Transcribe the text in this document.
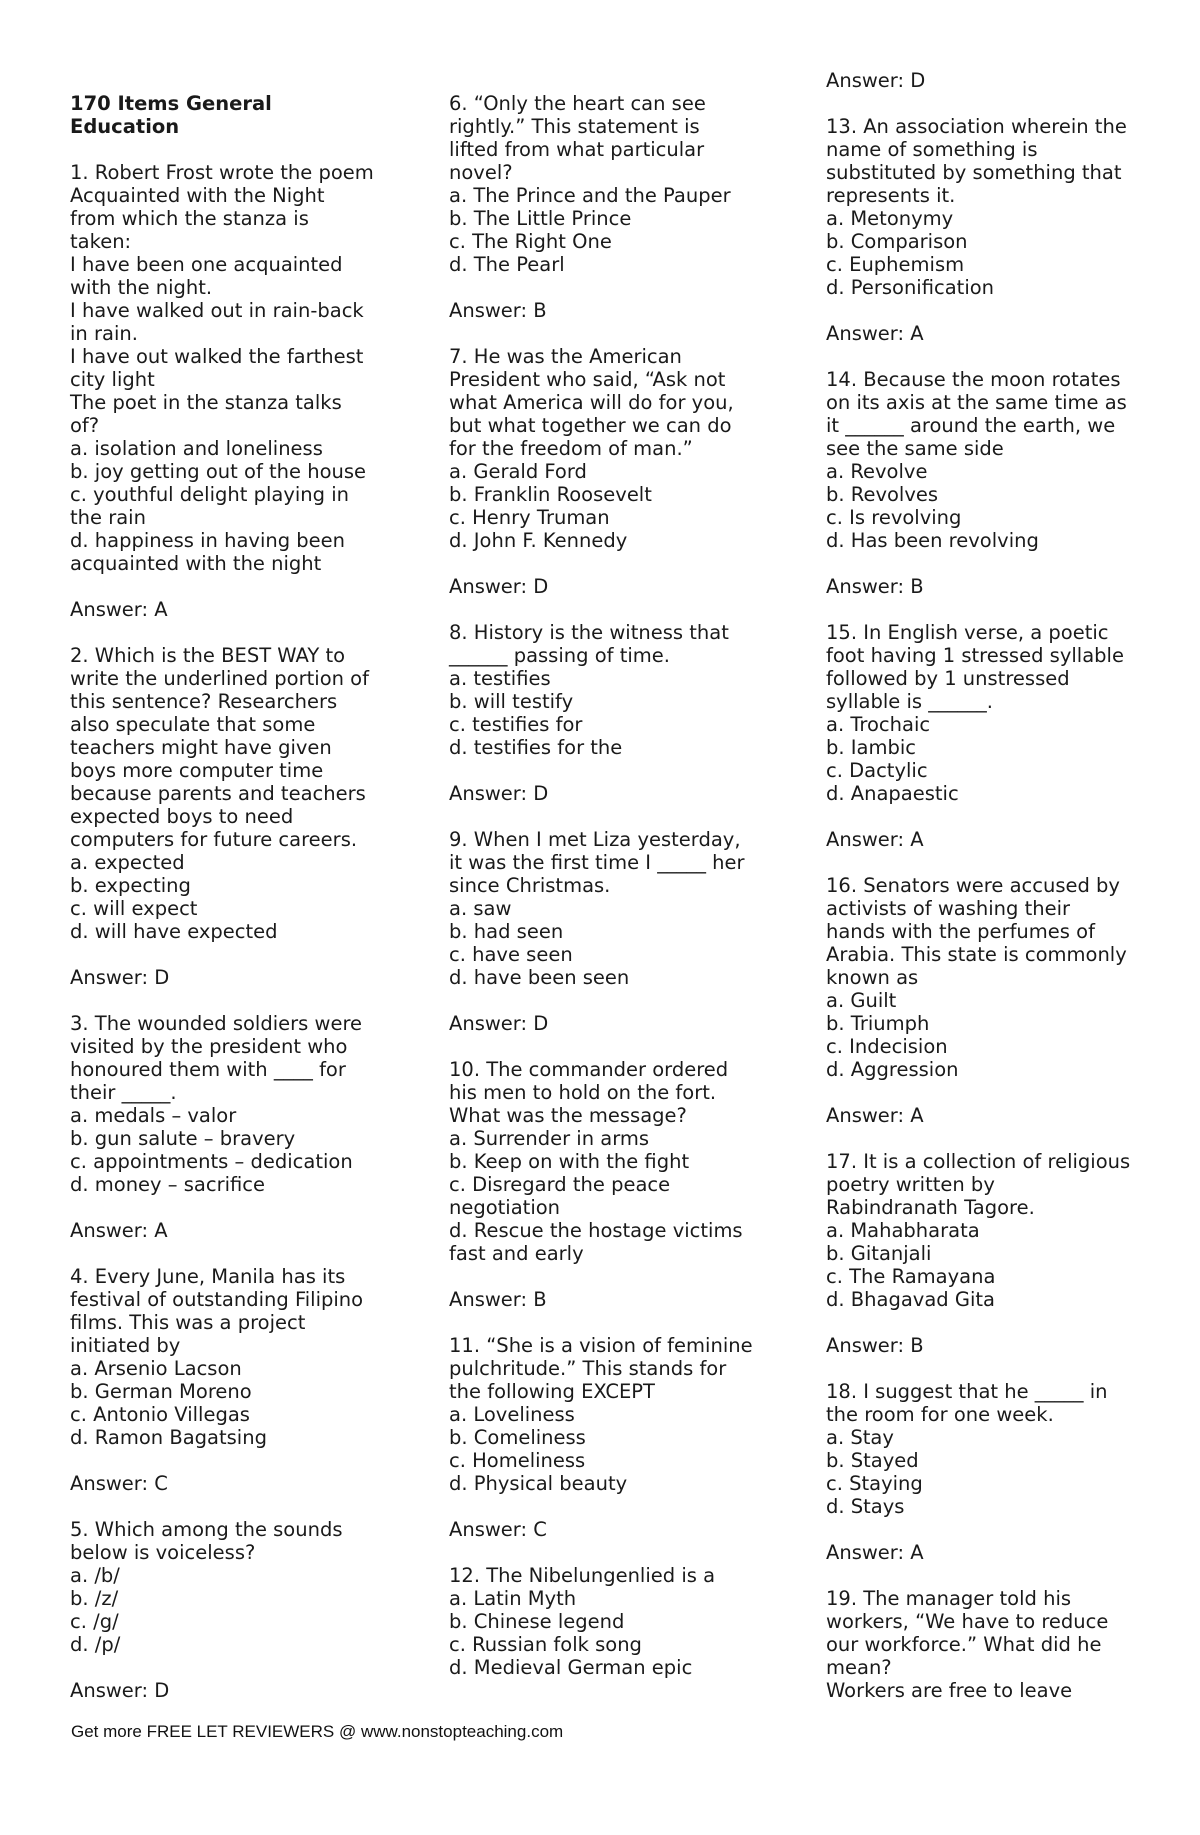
170 Items General
Education
1. Robert Frost wrote the poem
Acquainted with the Night
from which the stanza is
taken:
I have been one acquainted
with the night.
I have walked out in rain-back
in rain.
I have out walked the farthest
city light
The poet in the stanza talks
of?
a. isolation and loneliness
b. joy getting out of the house
c. youthful delight playing in
the rain
d. happiness in having been
acquainted with the night
Answer: A
2. Which is the BEST WAY to
write the underlined portion of
this sentence? Researchers
also speculate that some
teachers might have given
boys more computer time
because parents and teachers
expected boys to need
computers for future careers.
a. expected
b. expecting
c. will expect
d. will have expected
Answer: D
3. The wounded soldiers were
visited by the president who
honoured them with ____ for
their _____.
a. medals – valor
b. gun salute – bravery
c. appointments – dedication
d. money – sacrifice
Answer: A
4. Every June, Manila has its
festival of outstanding Filipino
films. This was a project
initiated by
a. Arsenio Lacson
b. German Moreno
c. Antonio Villegas
d. Ramon Bagatsing
Answer: C
5. Which among the sounds
below is voiceless?
a. /b/
b. /z/
c. /g/
d. /p/
Answer: D
6. “Only the heart can see
rightly.” This statement is
lifted from what particular
novel?
a. The Prince and the Pauper
b. The Little Prince
c. The Right One
d. The Pearl
Answer: B
7. He was the American
President who said, “Ask not
what America will do for you,
but what together we can do
for the freedom of man.”
a. Gerald Ford
b. Franklin Roosevelt
c. Henry Truman
d. John F. Kennedy
Answer: D
8. History is the witness that
______ passing of time.
a. testifies
b. will testify
c. testifies for
d. testifies for the
Answer: D
9. When I met Liza yesterday,
it was the first time I _____ her
since Christmas.
a. saw
b. had seen
c. have seen
d. have been seen
Answer: D
10. The commander ordered
his men to hold on the fort.
What was the message?
a. Surrender in arms
b. Keep on with the fight
c. Disregard the peace
negotiation
d. Rescue the hostage victims
fast and early
Answer: B
11. “She is a vision of feminine
pulchritude.” This stands for
the following EXCEPT
a. Loveliness
b. Comeliness
c. Homeliness
d. Physical beauty
Answer: C
12. The Nibelungenlied is a
a. Latin Myth
b. Chinese legend
c. Russian folk song
d. Medieval German epic
Answer: D
13. An association wherein the
name of something is
substituted by something that
represents it.
a. Metonymy
b. Comparison
c. Euphemism
d. Personification
Answer: A
14. Because the moon rotates
on its axis at the same time as
it ______ around the earth, we
see the same side
a. Revolve
b. Revolves
c. Is revolving
d. Has been revolving
Answer: B
15. In English verse, a poetic
foot having 1 stressed syllable
followed by 1 unstressed
syllable is ______.
a. Trochaic
b. Iambic
c. Dactylic
d. Anapaestic
Answer: A
16. Senators were accused by
activists of washing their
hands with the perfumes of
Arabia. This state is commonly
known as
a. Guilt
b. Triumph
c. Indecision
d. Aggression
Answer: A
17. It is a collection of religious
poetry written by
Rabindranath Tagore.
a. Mahabharata
b. Gitanjali
c. The Ramayana
d. Bhagavad Gita
Answer: B
18. I suggest that he _____ in
the room for one week.
a. Stay
b. Stayed
c. Staying
d. Stays
Answer: A
19. The manager told his
workers, “We have to reduce
our workforce.” What did he
mean?
Workers are free to leave
Get more FREE LET REVIEWERS @ www.nonstopteaching.com
